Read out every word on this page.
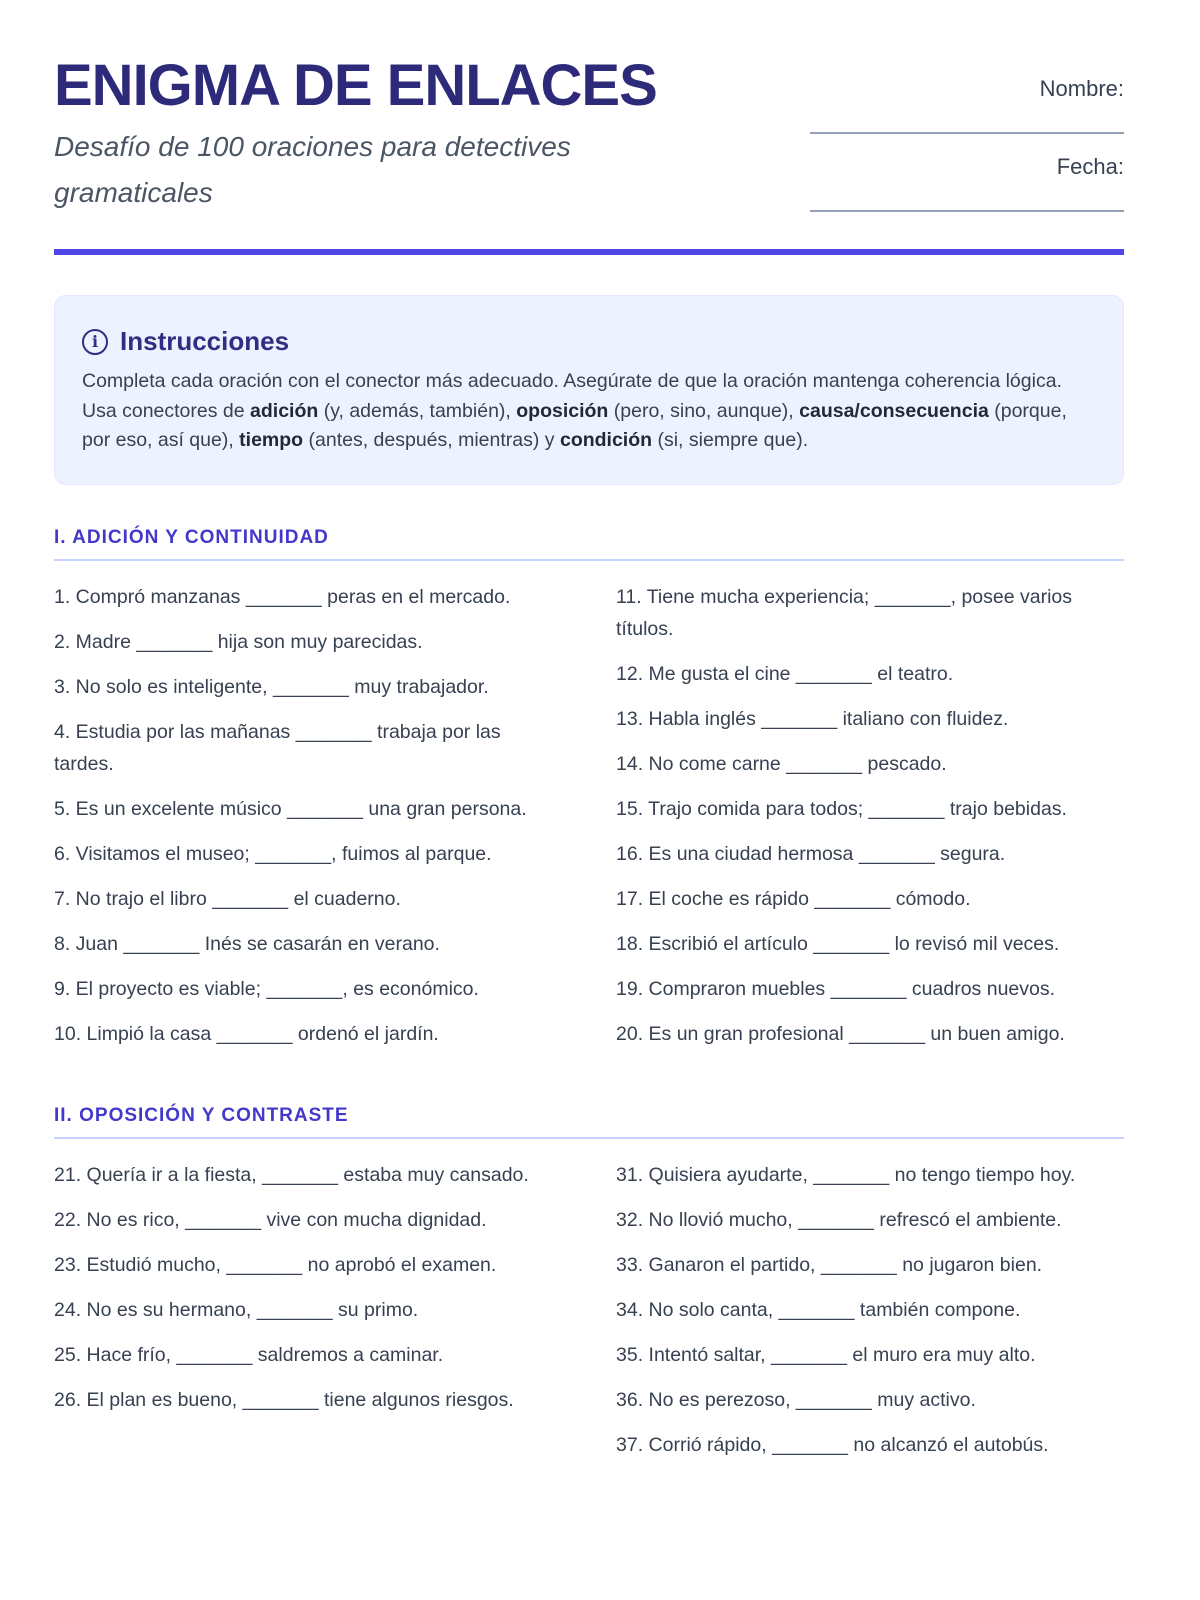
ENIGMA DE ENLACES

Desafío de 100 oraciones para detectives gramaticales

Nombre:
Fecha:
i Instrucciones
Completa cada oración con el conector más adecuado. Asegúrate de que la oración mantenga coherencia lógica. Usa conectores de adición (y, además, también), oposición (pero, sino, aunque), causa/consecuencia (porque, por eso, así que), tiempo (antes, después, mientras) y condición (si, siempre que).
I. ADICIÓN Y CONTINUIDAD
1. Compró manzanas _______ peras en el mercado.
2. Madre _______ hija son muy parecidas.
3. No solo es inteligente, _______ muy trabajador.
4. Estudia por las mañanas _______ trabaja por las tardes.
5. Es un excelente músico _______ una gran persona.
6. Visitamos el museo; _______, fuimos al parque.
7. No trajo el libro _______ el cuaderno.
8. Juan _______ Inés se casarán en verano.
9. El proyecto es viable; _______, es económico.
10. Limpió la casa _______ ordenó el jardín.
11. Tiene mucha experiencia; _______, posee varios títulos.
12. Me gusta el cine _______ el teatro.
13. Habla inglés _______ italiano con fluidez.
14. No come carne _______ pescado.
15. Trajo comida para todos; _______ trajo bebidas.
16. Es una ciudad hermosa _______ segura.
17. El coche es rápido _______ cómodo.
18. Escribió el artículo _______ lo revisó mil veces.
19. Compraron muebles _______ cuadros nuevos.
20. Es un gran profesional _______ un buen amigo.
II. OPOSICIÓN Y CONTRASTE
21. Quería ir a la fiesta, _______ estaba muy cansado.
22. No es rico, _______ vive con mucha dignidad.
23. Estudió mucho, _______ no aprobó el examen.
24. No es su hermano, _______ su primo.
25. Hace frío, _______ saldremos a caminar.
26. El plan es bueno, _______ tiene algunos riesgos.
31. Quisiera ayudarte, _______ no tengo tiempo hoy.
32. No llovió mucho, _______ refrescó el ambiente.
33. Ganaron el partido, _______ no jugaron bien.
34. No solo canta, _______ también compone.
35. Intentó saltar, _______ el muro era muy alto.
36. No es perezoso, _______ muy activo.
37. Corrió rápido, _______ no alcanzó el autobús.
